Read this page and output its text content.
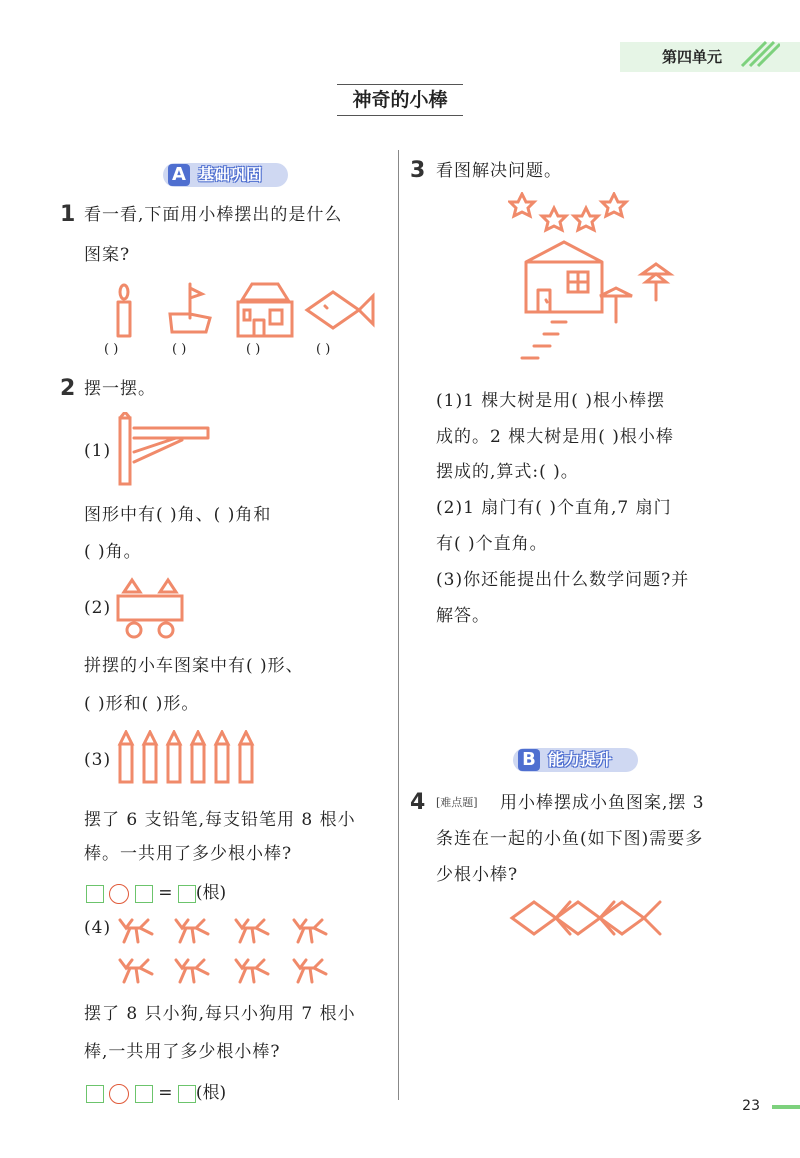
第四单元
神奇的小棒
A 基础巩固
1 看一看,下面用小棒摆出的是什么
图案?
( )	( )	( )	( )
2 摆一摆。
(1)
图形中有( )角、( )角和
( )角。
(2)
拼摆的小车图案中有( )形、
( )形和( )形。
(3)
摆了 6 支铅笔,每支铅笔用 8 根小
棒。一共用了多少根小棒?
= (根)
(4)
摆了 8 只小狗,每只小狗用 7 根小
棒,一共用了多少根小棒?
= (根)
3 看图解决问题。
(1)1 棵大树是用( )根小棒摆
成的。2 棵大树是用( )根小棒
摆成的,算式:( )。
(2)1 扇门有( )个直角,7 扇门
有( )个直角。
(3)你还能提出什么数学问题?并
解答。
B 能力提升
4 [难点题] 用小棒摆成小鱼图案,摆 3
条连在一起的小鱼(如下图)需要多
少根小棒?
23
